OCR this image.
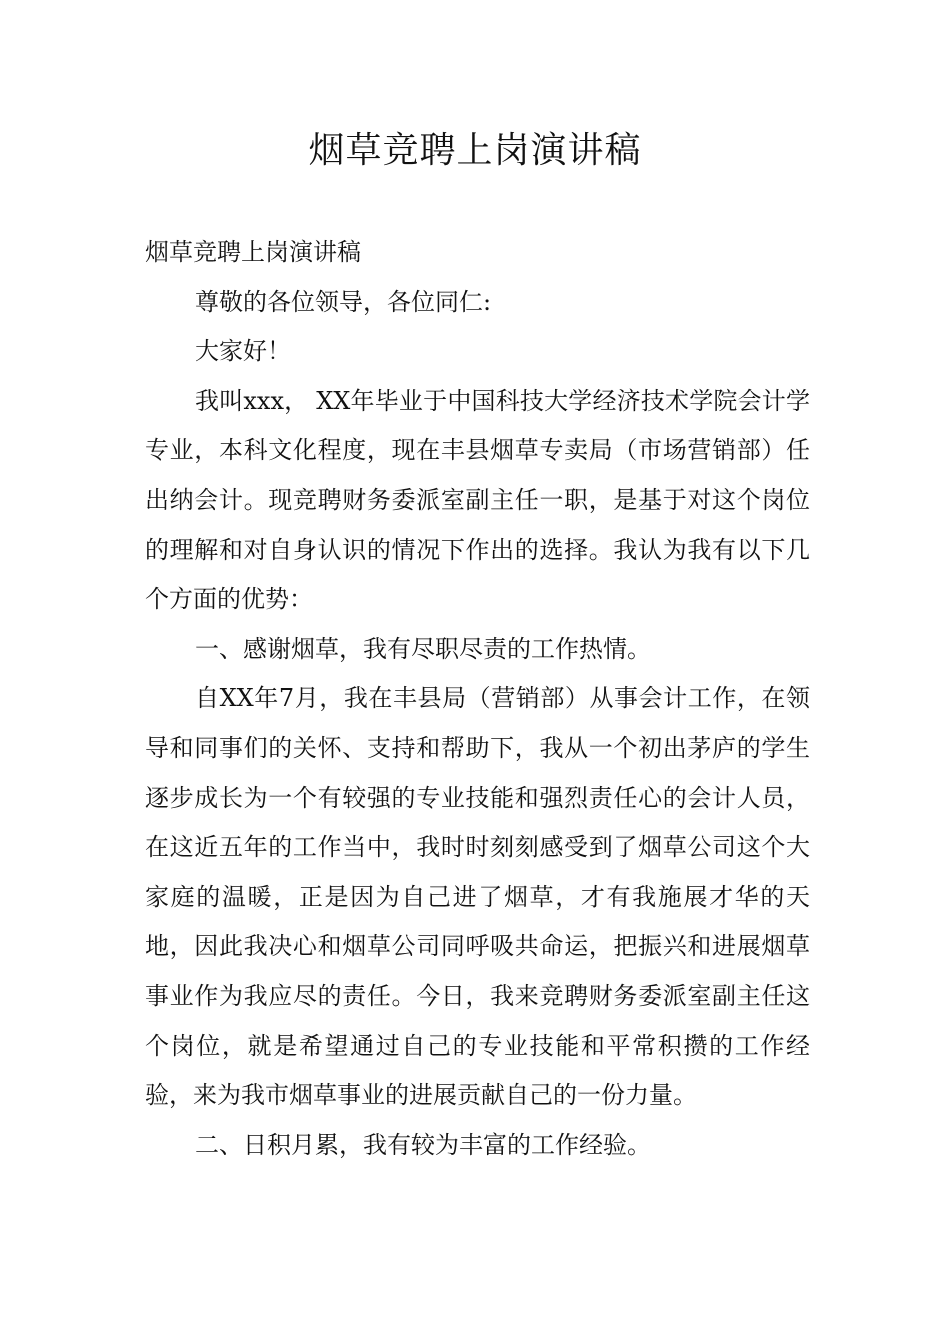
烟草竞聘上岗演讲稿

烟草竞聘上岗演讲稿

尊敬的各位领导，各位同仁:

大家好！

我叫xxx， XX年毕业于中国科技大学经济技术学院会计学专业，本科文化程度，现在丰县烟草专卖局（市场营销部）任出纳会计。现竞聘财务委派室副主任一职，是基于对这个岗位的理解和对自身认识的情况下作出的选择。我认为我有以下几个方面的优势：

一、感谢烟草，我有尽职尽责的工作热情。

自XX年7月，我在丰县局（营销部）从事会计工作，在领导和同事们的关怀、支持和帮助下，我从一个初出茅庐的学生逐步成长为一个有较强的专业技能和强烈责任心的会计人员，在这近五年的工作当中，我时时刻刻感受到了烟草公司这个大家庭的温暖，正是因为自己进了烟草，才有我施展才华的天地，因此我决心和烟草公司同呼吸共命运，把振兴和进展烟草事业作为我应尽的责任。今日，我来竞聘财务委派室副主任这个岗位，就是希望通过自己的专业技能和平常积攒的工作经验，来为我市烟草事业的进展贡献自己的一份力量。

二、日积月累，我有较为丰富的工作经验。
